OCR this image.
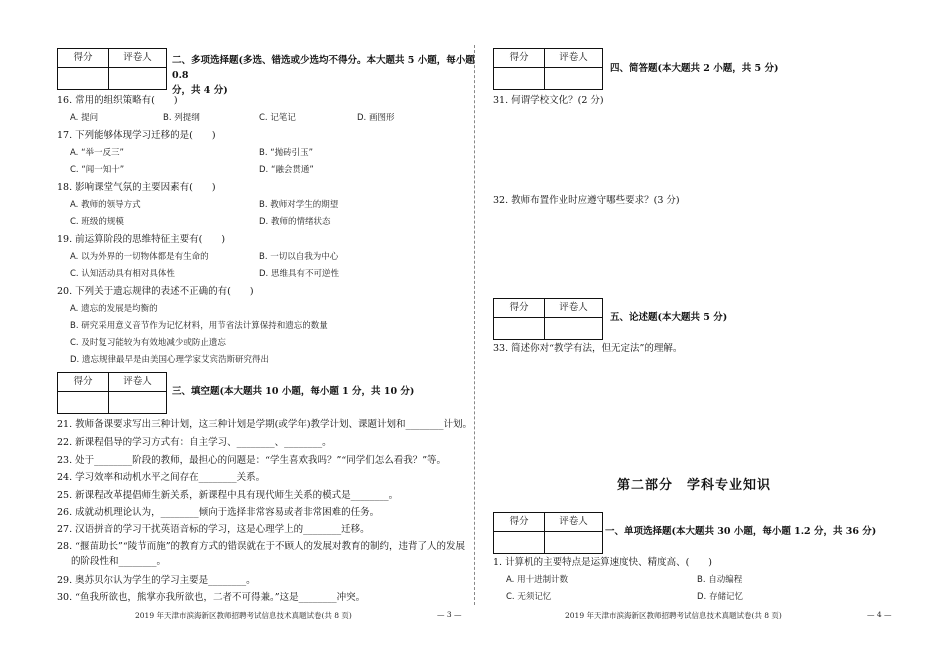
得分	评卷人	二、多项选择题(多选、错选或少选均不得分。本大题共 5 小题，每小题 0.8
分，共 4 分)
16. 常用的组织策略有(　　)
A. 提问	B. 列提纲	C. 记笔记	D. 画图形
17. 下列能够体现学习迁移的是(　　)
A. “举一反三”	B. “抛砖引玉”
C. “闻一知十”	D. “融会贯通”
18. 影响课堂气氛的主要因素有(　　)
A. 教师的领导方式	B. 教师对学生的期望
C. 班级的规模	D. 教师的情绪状态
19. 前运算阶段的思维特征主要有(　　)
A. 以为外界的一切物体都是有生命的	B. 一切以自我为中心
C. 认知活动具有相对具体性	D. 思维具有不可逆性
20. 下列关于遗忘规律的表述不正确的有(　　)
A. 遗忘的发展是均衡的
B. 研究采用意义音节作为记忆材料，用节省法计算保持和遗忘的数量
C. 及时复习能较为有效地减少或防止遗忘
D. 遗忘规律最早是由美国心理学家艾宾浩斯研究得出
得分	评卷人
三、填空题(本大题共 10 小题，每小题 1 分，共 10 分)
21. 教师备课要求写出三种计划，这三种计划是学期(或学年)教学计划、课题计划和________计划。
22. 新课程倡导的学习方式有：自主学习、________、________。
23. 处于________阶段的教师，最担心的问题是：“学生喜欢我吗？”“同学们怎么看我？”等。
24. 学习效率和动机水平之间存在________关系。
25. 新课程改革提倡师生新关系，新课程中具有现代师生关系的模式是________。
26. 成就动机理论认为，________倾向于选择非常容易或者非常困难的任务。
27. 汉语拼音的学习干扰英语音标的学习，这是心理学上的________迁移。
28. “揠苗助长”“陵节而施”的教育方式的错误就在于不顾人的发展对教育的制约，违背了人的发展
的阶段性和________。
29. 奥苏贝尔认为学生的学习主要是________。
30. “鱼我所欲也，熊掌亦我所欲也，二者不可得兼。”这是________冲突。
2019 年天津市滨海新区教师招聘考试信息技术真题试卷(共 8 页)	— 3 —
得分	评卷人
四、简答题(本大题共 2 小题，共 5 分)
31. 何谓学校文化？(2 分)
32. 教师布置作业时应遵守哪些要求？(3 分)
得分	评卷人
五、论述题(本大题共 5 分)
33. 简述你对“教学有法，但无定法”的理解。
第二部分　学科专业知识
得分	评卷人
一、单项选择题(本大题共 30 小题，每小题 1.2 分，共 36 分)
1. 计算机的主要特点是运算速度快、精度高、(　　)
A. 用十进制计数	B. 自动编程
C. 无须记忆	D. 存储记忆
2019 年天津市滨海新区教师招聘考试信息技术真题试卷(共 8 页)	— 4 —
